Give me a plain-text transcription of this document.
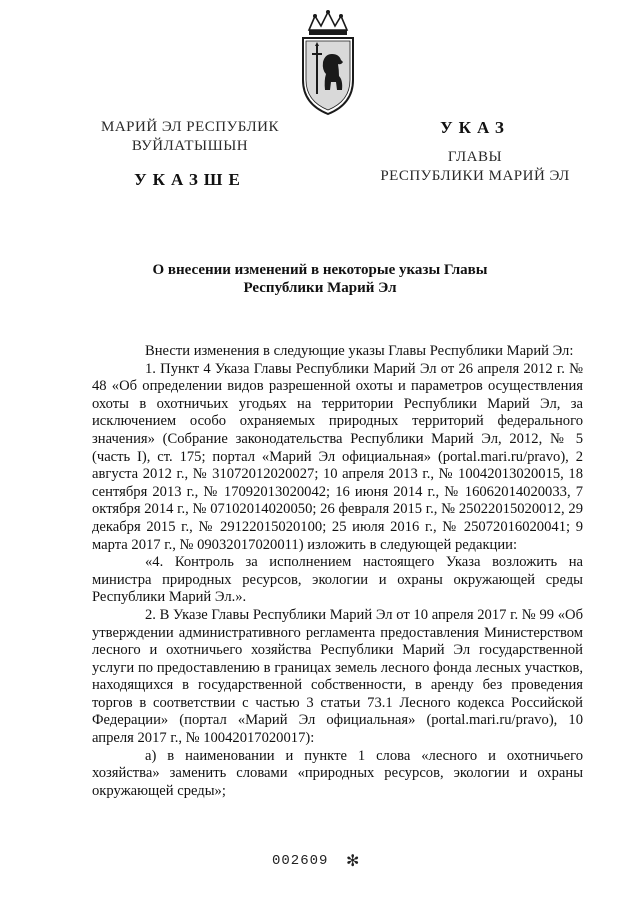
МАРИЙ ЭЛ РЕСПУБЛИК
ВУЙЛАТЫШЫН
УКАЗШЕ
УКАЗ
ГЛАВЫ
РЕСПУБЛИКИ МАРИЙ ЭЛ
О внесении изменений в некоторые указы Главы
Республики Марий Эл

Внести изменения в следующие указы Главы Республики Марий Эл:

1. Пункт 4 Указа Главы Республики Марий Эл от 26 апреля 2012 г. № 48 «Об определении видов разрешенной охоты и параметров осуществления охоты в охотничьих угодьях на территории Республики Марий Эл, за исключением особо охраняемых природных территорий федерального значения» (Собрание законодательства Республики Марий Эл, 2012, № 5 (часть I), ст. 175; портал «Марий Эл официальная» (portal.mari.ru/pravo), 2 августа 2012 г., № 31072012020027; 10 апреля 2013 г., № 10042013020015, 18 сентября 2013 г., № 17092013020042; 16 июня 2014 г., № 16062014020033, 7 октября 2014 г., № 07102014020050; 26 февраля 2015 г., № 25022015020012, 29 декабря 2015 г., № 29122015020100; 25 июля 2016 г., № 25072016020041; 9 марта 2017 г., № 09032017020011) изложить в следующей редакции:

«4. Контроль за исполнением настоящего Указа возложить на министра природных ресурсов, экологии и охраны окружающей среды Республики Марий Эл.».

2. В Указе Главы Республики Марий Эл от 10 апреля 2017 г. № 99 «Об утверждении административного регламента предоставления Министерством лесного и охотничьего хозяйства Республики Марий Эл государственной услуги по предоставлению в границах земель лесного фонда лесных участков, находящихся в государственной собственности, в аренду без проведения торгов в соответствии с частью 3 статьи 73.1 Лесного кодекса Российской Федерации» (портал «Марий Эл официальная» (portal.mari.ru/pravo), 10 апреля 2017 г., № 10042017020017):

а) в наименовании и пункте 1 слова «лесного и охотничьего хозяйства» заменить словами «природных ресурсов, экологии и охраны окружающей среды»;

002609 ✻
